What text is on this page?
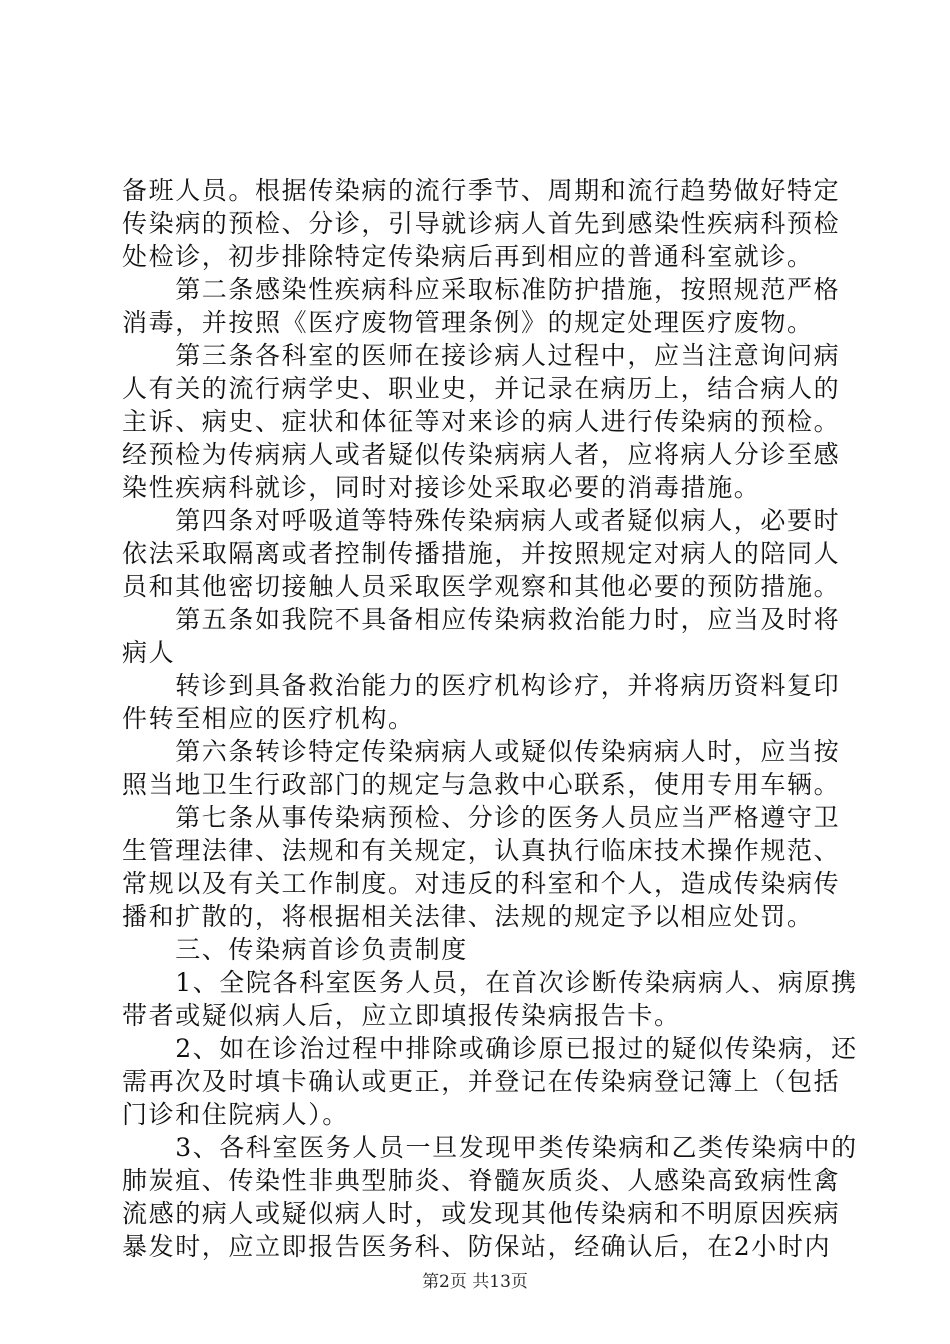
备班人员。根据传染病的流行季节、周期和流行趋势做好特定
传染病的预检、分诊，引导就诊病人首先到感染性疾病科预检
处检诊，初步排除特定传染病后再到相应的普通科室就诊。
　　第二条感染性疾病科应采取标准防护措施，按照规范严格
消毒，并按照《医疗废物管理条例》的规定处理医疗废物。
　　第三条各科室的医师在接诊病人过程中，应当注意询问病
人有关的流行病学史、职业史，并记录在病历上，结合病人的
主诉、病史、症状和体征等对来诊的病人进行传染病的预检。
经预检为传病病人或者疑似传染病病人者，应将病人分诊至感
染性疾病科就诊，同时对接诊处采取必要的消毒措施。
　　第四条对呼吸道等特殊传染病病人或者疑似病人，必要时
依法采取隔离或者控制传播措施，并按照规定对病人的陪同人
员和其他密切接触人员采取医学观察和其他必要的预防措施。
　　第五条如我院不具备相应传染病救治能力时，应当及时将
病人
　　转诊到具备救治能力的医疗机构诊疗，并将病历资料复印
件转至相应的医疗机构。
　　第六条转诊特定传染病病人或疑似传染病病人时，应当按
照当地卫生行政部门的规定与急救中心联系，使用专用车辆。
　　第七条从事传染病预检、分诊的医务人员应当严格遵守卫
生管理法律、法规和有关规定，认真执行临床技术操作规范、
常规以及有关工作制度。对违反的科室和个人，造成传染病传
播和扩散的，将根据相关法律、法规的规定予以相应处罚。
　　三、传染病首诊负责制度
　　1、全院各科室医务人员，在首次诊断传染病病人、病原携
带者或疑似病人后，应立即填报传染病报告卡。
　　2、如在诊治过程中排除或确诊原已报过的疑似传染病，还
需再次及时填卡确认或更正，并登记在传染病登记簿上（包括
门诊和住院病人）。
　　3、各科室医务人员一旦发现甲类传染病和乙类传染病中的
肺炭疽、传染性非典型肺炎、脊髓灰质炎、人感染高致病性禽
流感的病人或疑似病人时，或发现其他传染病和不明原因疾病
暴发时，应立即报告医务科、防保站，经确认后，在2小时内
第2页 共13页
